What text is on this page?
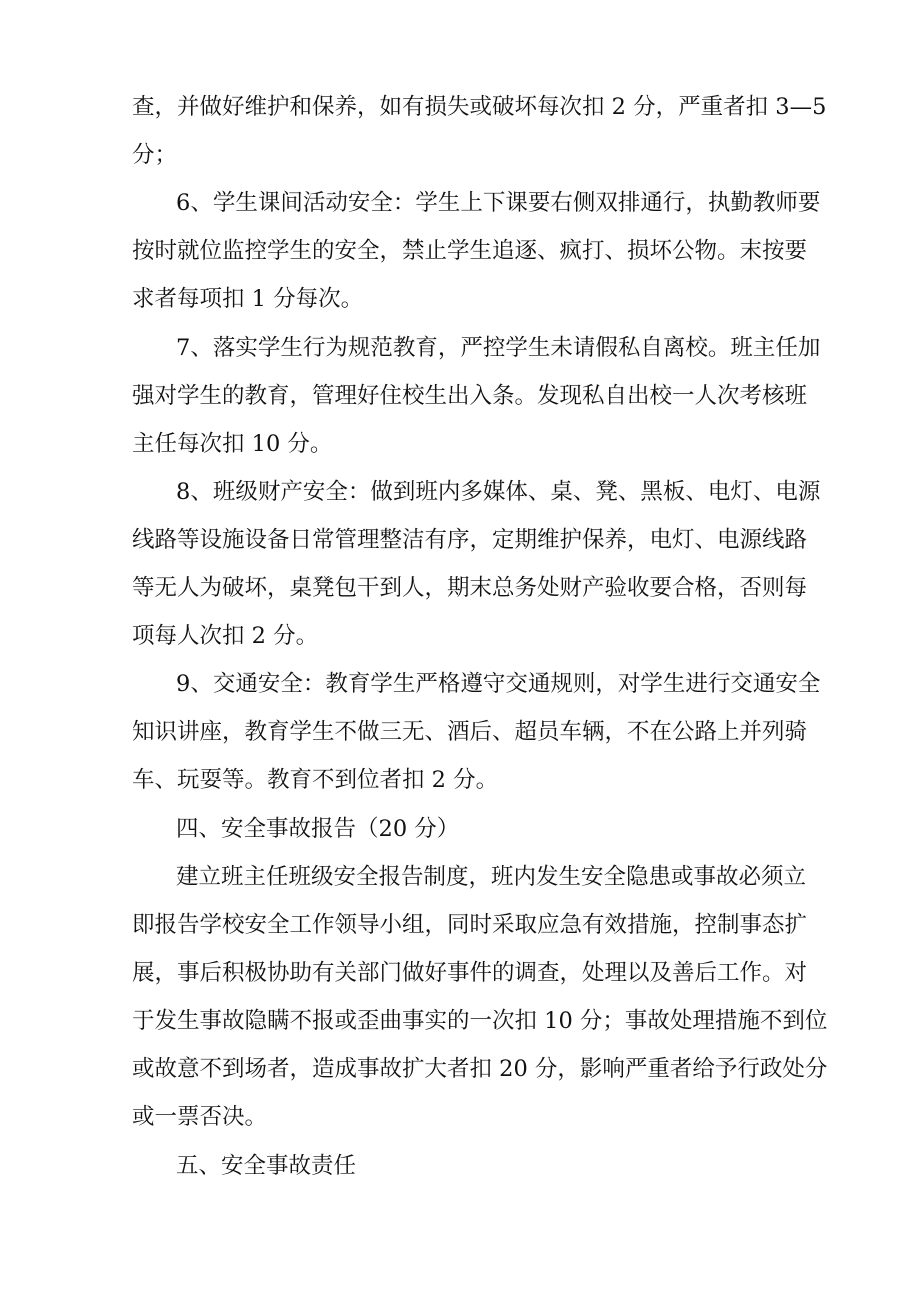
查，并做好维护和保养，如有损失或破坏每次扣 2 分，严重者扣 3—5
分；
6、学生课间活动安全：学生上下课要右侧双排通行，执勤教师要
按时就位监控学生的安全，禁止学生追逐、疯打、损坏公物。末按要
求者每项扣 1 分每次。
7、落实学生行为规范教育，严控学生未请假私自离校。班主任加
强对学生的教育，管理好住校生出入条。发现私自出校一人次考核班
主任每次扣 10 分。
8、班级财产安全：做到班内多媒体、桌、凳、黑板、电灯、电源
线路等设施设备日常管理整洁有序，定期维护保养，电灯、电源线路
等无人为破坏，桌凳包干到人，期末总务处财产验收要合格，否则每
项每人次扣 2 分。
9、交通安全：教育学生严格遵守交通规则，对学生进行交通安全
知识讲座，教育学生不做三无、酒后、超员车辆，不在公路上并列骑
车、玩耍等。教育不到位者扣 2 分。
四、安全事故报告（20 分）
建立班主任班级安全报告制度，班内发生安全隐患或事故必须立
即报告学校安全工作领导小组，同时采取应急有效措施，控制事态扩
展，事后积极协助有关部门做好事件的调查，处理以及善后工作。对
于发生事故隐瞒不报或歪曲事实的一次扣 10 分；事故处理措施不到位
或故意不到场者，造成事故扩大者扣 20 分，影响严重者给予行政处分
或一票否决。
五、安全事故责任
